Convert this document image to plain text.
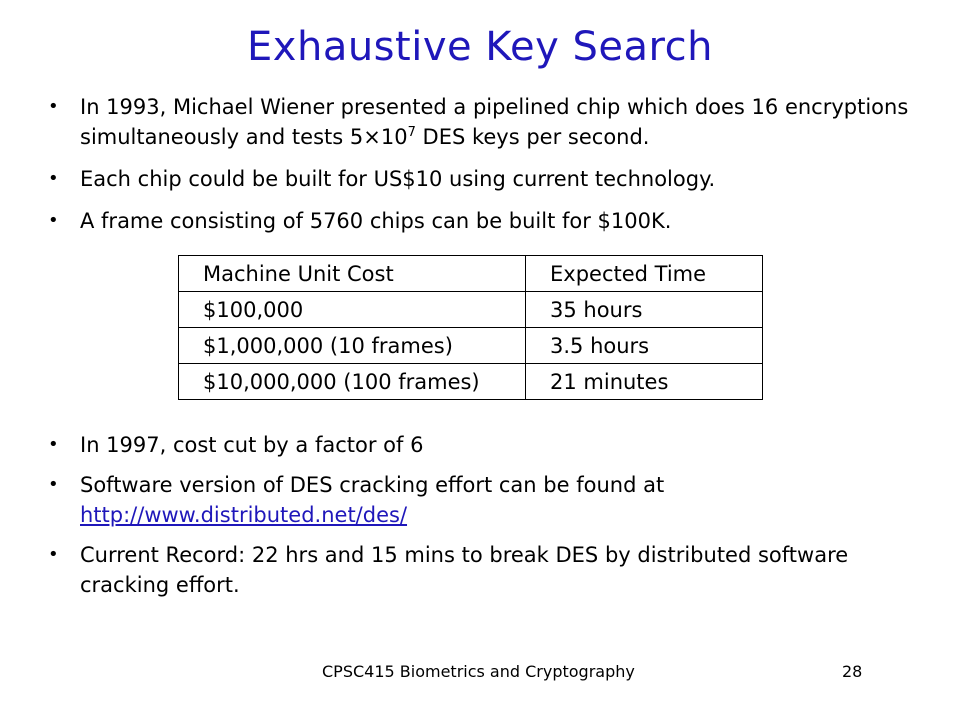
Exhaustive Key Search
• In 1993, Michael Wiener presented a pipelined chip which does 16 encryptions simultaneously and tests $5\times 10^7$ DES keys per second.
• Each chip could be built for US$10 using current technology.
• A frame consisting of 5760 chips can be built for $100K.
Machine Unit Cost	Expected Time
$100,000	35 hours
$1,000,000 (10 frames)	3.5 hours
$10,000,000 (100 frames)	21 minutes
• In 1997, cost cut by a factor of 6
• Software version of DES cracking effort can be found at
http://www.distributed.net/des/
• Current Record: 22 hrs and 15 mins to break DES by distributed software cracking effort.
CPSC415 Biometrics and Cryptography	28
